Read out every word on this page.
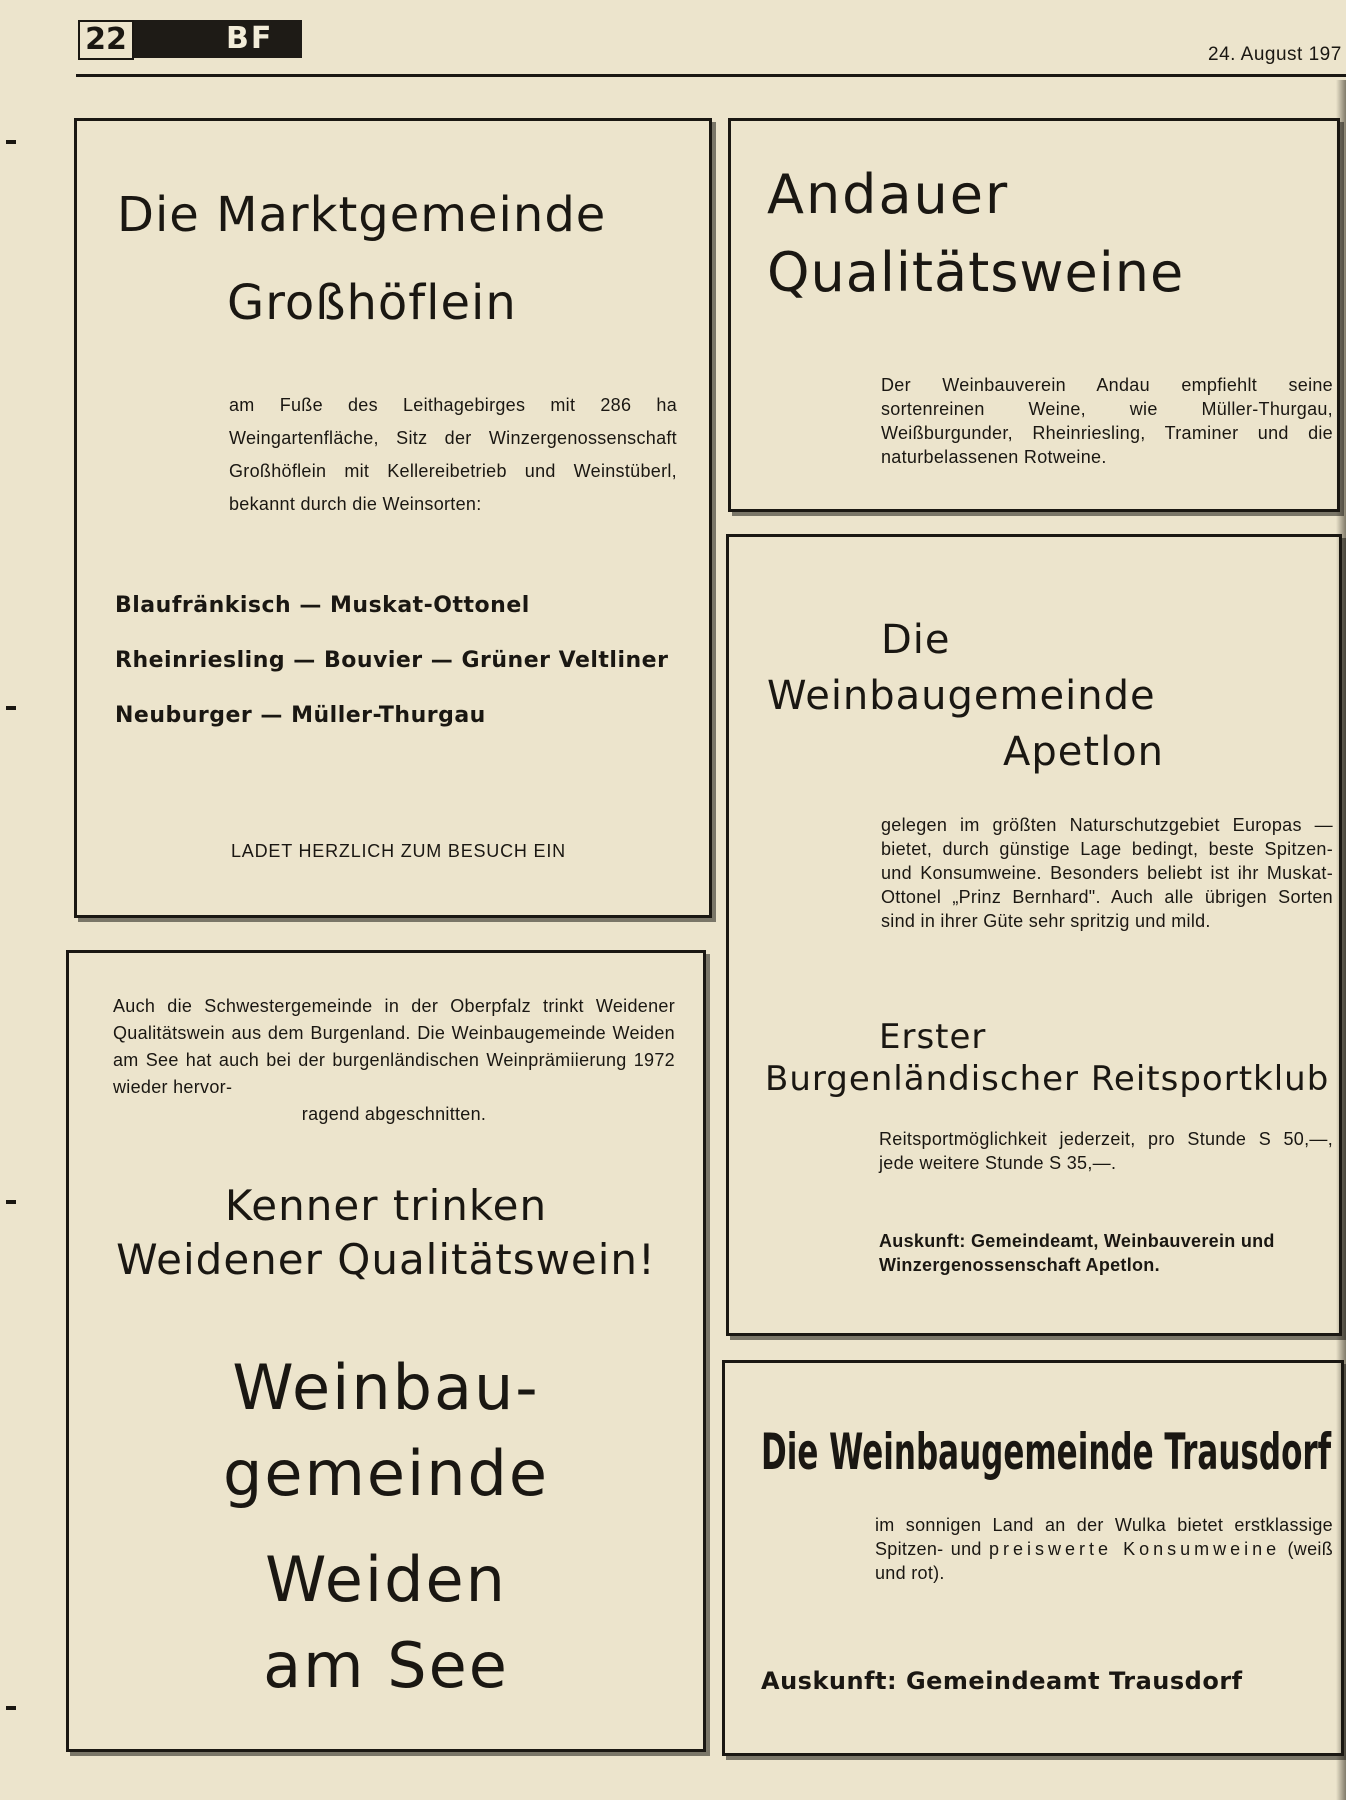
22	BF	24. August 197
Die Marktgemeinde
Großhöflein
am Fuße des Leithagebirges mit 286 ha Weingartenfläche, Sitz der Winzergenossenschaft Großhöflein mit Kellereibetrieb und Weinstüberl, bekannt durch die Weinsorten:
Blaufränkisch — Muskat-Ottonel
Rheinriesling — Bouvier — Grüner Veltliner
Neuburger — Müller-Thurgau
LADET HERZLICH ZUM BESUCH EIN
Andauer
Qualitätsweine
Der Weinbauverein Andau empfiehlt seine sortenreinen Weine, wie Müller-Thurgau, Weißburgunder, Rheinriesling, Traminer und die naturbelassenen Rotweine.
Die
Weinbaugemeinde
Apetlon
gelegen im größten Naturschutzgebiet Europas — bietet, durch günstige Lage bedingt, beste Spitzen- und Konsumweine. Besonders beliebt ist ihr Muskat-Ottonel „Prinz Bernhard". Auch alle übrigen Sorten sind in ihrer Güte sehr spritzig und mild.
Erster
Burgenländischer Reitsportklub
Reitsportmöglichkeit jederzeit, pro Stunde S 50,—, jede weitere Stunde S 35,—.
Auskunft: Gemeindeamt, Weinbauverein und Winzergenossenschaft Apetlon.
Auch die Schwestergemeinde in der Oberpfalz trinkt Weidener Qualitätswein aus dem Burgenland. Die Weinbaugemeinde Weiden am See hat auch bei der burgenländischen Weinprämiierung 1972 wieder hervor-
ragend abgeschnitten.
Kenner trinken
Weidener Qualitätswein!
Weinbau-
gemeinde
Weiden
am See
Die Weinbaugemeinde Trausdorf
im sonnigen Land an der Wulka bietet erstklassige Spitzen- und preiswerte Konsumweine (weiß und rot).
Auskunft: Gemeindeamt Trausdorf
